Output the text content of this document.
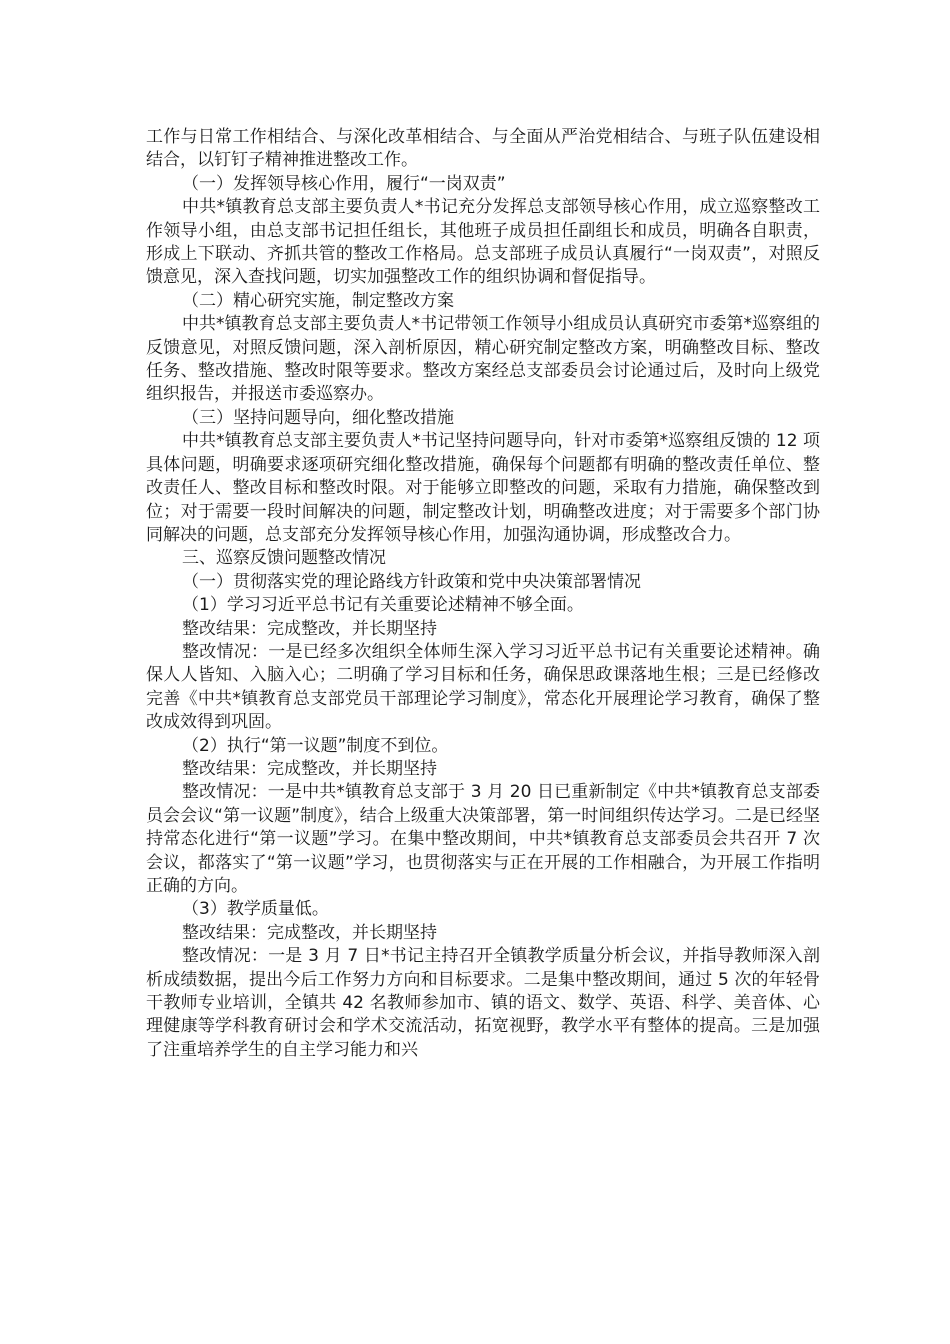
工作与日常工作相结合、与深化改革相结合、与全面从严治党相结合、与班子队伍建设相结合，以钉钉子精神推进整改工作。

（一）发挥领导核心作用，履行“一岗双责”

中共*镇教育总支部主要负责人*书记充分发挥总支部领导核心作用，成立巡察整改工作领导小组，由总支部书记担任组长，其他班子成员担任副组长和成员，明确各自职责，形成上下联动、齐抓共管的整改工作格局。总支部班子成员认真履行“一岗双责”，对照反馈意见，深入查找问题，切实加强整改工作的组织协调和督促指导。

（二）精心研究实施，制定整改方案

中共*镇教育总支部主要负责人*书记带领工作领导小组成员认真研究市委第*巡察组的反馈意见，对照反馈问题，深入剖析原因，精心研究制定整改方案，明确整改目标、整改任务、整改措施、整改时限等要求。整改方案经总支部委员会讨论通过后，及时向上级党组织报告，并报送市委巡察办。

（三）坚持问题导向，细化整改措施

中共*镇教育总支部主要负责人*书记坚持问题导向，针对市委第*巡察组反馈的 12 项具体问题，明确要求逐项研究细化整改措施，确保每个问题都有明确的整改责任单位、整改责任人、整改目标和整改时限。对于能够立即整改的问题，采取有力措施，确保整改到位；对于需要一段时间解决的问题，制定整改计划，明确整改进度；对于需要多个部门协同解决的问题，总支部充分发挥领导核心作用，加强沟通协调，形成整改合力。

三、巡察反馈问题整改情况

（一）贯彻落实党的理论路线方针政策和党中央决策部署情况

（1）学习习近平总书记有关重要论述精神不够全面。

整改结果：完成整改，并长期坚持

整改情况：一是已经多次组织全体师生深入学习习近平总书记有关重要论述精神。确保人人皆知、入脑入心；二明确了学习目标和任务，确保思政课落地生根；三是已经修改完善《中共*镇教育总支部党员干部理论学习制度》，常态化开展理论学习教育，确保了整改成效得到巩固。

（2）执行“第一议题”制度不到位。

整改结果：完成整改，并长期坚持

整改情况：一是中共*镇教育总支部于 3 月 20 日已重新制定《中共*镇教育总支部委员会会议“第一议题”制度》，结合上级重大决策部署，第一时间组织传达学习。二是已经坚持常态化进行“第一议题”学习。在集中整改期间，中共*镇教育总支部委员会共召开 7 次会议，都落实了“第一议题”学习，也贯彻落实与正在开展的工作相融合，为开展工作指明正确的方向。

（3）教学质量低。

整改结果：完成整改，并长期坚持

整改情况：一是 3 月 7 日*书记主持召开全镇教学质量分析会议，并指导教师深入剖析成绩数据，提出今后工作努力方向和目标要求。二是集中整改期间，通过 5 次的年轻骨干教师专业培训，全镇共 42 名教师参加市、镇的语文、数学、英语、科学、美音体、心理健康等学科教育研讨会和学术交流活动，拓宽视野，教学水平有整体的提高。三是加强了注重培养学生的自主学习能力和兴
